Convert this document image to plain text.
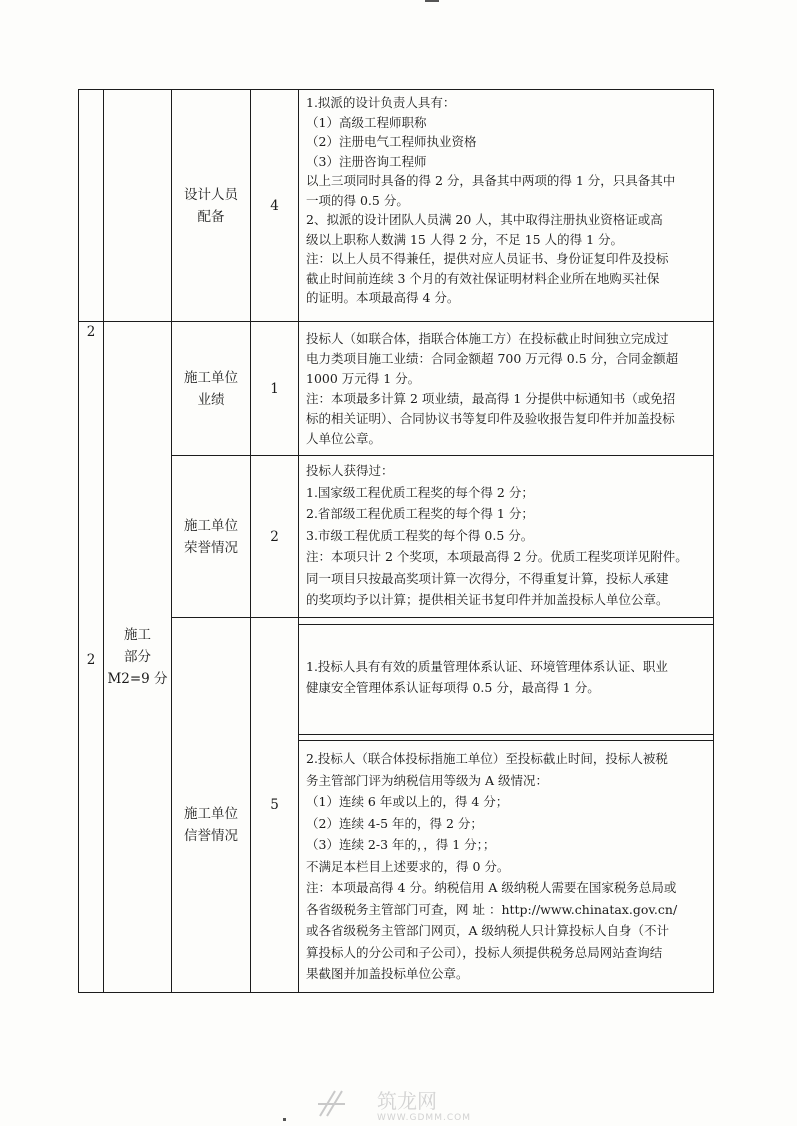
设计人员
配备
4
1.拟派的设计负责人具有：
（1）高级工程师职称
（2）注册电气工程师执业资格
（3）注册咨询工程师
以上三项同时具备的得 2 分，具备其中两项的得 1 分，只具备其中
一项的得 0.5 分。
2、拟派的设计团队人员满 20 人，其中取得注册执业资格证或高
级以上职称人数满 15 人得 2 分，不足 15 人的得 1 分。
注：以上人员不得兼任，提供对应人员证书、身份证复印件及投标
截止时间前连续 3 个月的有效社保证明材料企业所在地购买社保
的证明。本项最高得 4 分。
施工单位
业绩
1
投标人（如联合体，指联合体施工方）在投标截止时间独立完成过
电力类项目施工业绩：合同金额超 700 万元得 0.5 分，合同金额超
1000 万元得 1 分。
注：本项最多计算 2 项业绩，最高得 1 分提供中标通知书（或免招
标的相关证明）、合同协议书等复印件及验收报告复印件并加盖投标
人单位公章。
施工单位
荣誉情况
2
投标人获得过：
1.国家级工程优质工程奖的每个得 2 分；
2.省部级工程优质工程奖的每个得 1 分；
3.市级工程优质工程奖的每个得 0.5 分。
注：本项只计 2 个奖项，本项最高得 2 分。优质工程奖项详见附件。
同一项目只按最高奖项计算一次得分，不得重复计算，投标人承建
的奖项均予以计算；提供相关证书复印件并加盖投标人单位公章。
施工单位
信誉情况
5
1.投标人具有有效的质量管理体系认证、环境管理体系认证、职业
健康安全管理体系认证每项得 0.5 分，最高得 1 分。
2.投标人（联合体投标指施工单位）至投标截止时间，投标人被税
务主管部门评为纳税信用等级为 A 级情况：
（1）连续 6 年或以上的，得 4 分；
（2）连续 4-5 年的，得 2 分；
（3）连续 2-3 年的，，得 1 分；；
不满足本栏目上述要求的，得 0 分。
注：本项最高得 4 分。纳税信用 A 级纳税人需要在国家税务总局或
各省级税务主管部门可查，网 址 ：http://www.chinatax.gov.cn/
或各省级税务主管部门网页，A 级纳税人只计算投标人自身（不计
算投标人的分公司和子公司），投标人须提供税务总局网站查询结
果截图并加盖投标单位公章。
2
2
施工
部分
M2=9 分
筑龙网
WWW.GDMM.COM
